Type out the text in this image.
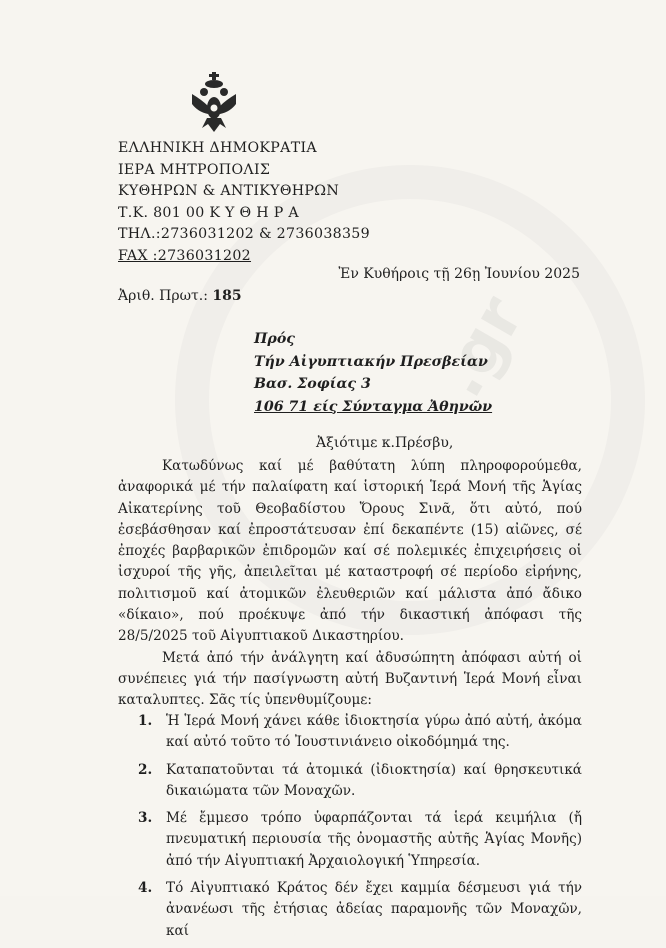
.gr
ΕΛΛΗΝΙΚΗ ΔΗΜΟΚΡΑΤΙΑ
ΙΕΡΑ ΜΗΤΡΟΠΟΛΙΣ
ΚΥΘΗΡΩΝ & ΑΝΤΙΚΥΘΗΡΩΝ
Τ.Κ. 801 00 Κ Υ Θ Η Ρ Α
ΤΗΛ.:2736031202 & 2736038359
FAX :2736031202
Ἐν Κυθήροις τῇ 26ῃ Ἰουνίου 2025
Ἀριθ. Πρωτ.: 185
Πρός
Τήν Αἰγυπτιακήν Πρεσβείαν
Βασ. Σοφίας 3
106 71 είς Σύνταγμα Ἀθηνῶν
Ἀξιότιμε κ.Πρέσβυ,

Κατωδύνως καί μέ βαθύτατη λύπη πληροφορούμεθα, ἀναφορικά μέ τήν παλαίφατη καί ἱστορική Ἱερά Μονή τῆς Ἁγίας Αἰκατερίνης τοῦ Θεοβαδίστου Ὄρους Σινᾶ, ὅτι αὐτό, πού ἐσεβάσθησαν καί ἐπροστάτευσαν ἐπί δεκαπέντε (15) αἰῶνες, σέ ἐποχές βαρβαρικῶν ἐπιδρομῶν καί σέ πολεμικές ἐπιχειρήσεις οἱ ἰσχυροί τῆς γῆς, ἀπειλεῖται μέ καταστροφή σέ περίοδο εἰρήνης, πολιτισμοῦ καί ἀτομικῶν ἐλευθεριῶν καί μάλιστα ἀπό ἄδικο «δίκαιο», πού προέκυψε ἀπό τήν δικαστική ἀπόφασι τῆς 28/5/2025 τοῦ Αἰγυπτιακοῦ Δικαστηρίου.

Μετά ἀπό τήν ἀνάλγητη καί ἀδυσώπητη ἀπόφασι αὐτή οἱ συνέπειες γιά τήν πασίγνωστη αὐτή Βυζαντινή Ἱερά Μονή εἶναι καταλυπτες. Σᾶς τίς ὑπενθυμίζουμε:

1.	Ἡ Ἱερά Μονή χάνει κάθε ἰδιοκτησία γύρω ἀπό αὐτή, ἀκόμα καί αὐτό τοῦτο τό Ἰουστινιάνειο οἰκοδόμημά της.
2.	Καταπατοῦνται τά ἀτομικά (ἰδιοκτησία) καί θρησκευτικά δικαιώματα τῶν Μοναχῶν.
3.	Μέ ἔμμεσο τρόπο ὑφαρπάζονται τά ἱερά κειμήλια (ἤ πνευματική περιουσία τῆς ὀνομαστῆς αὐτῆς Ἁγίας Μονῆς) ἀπό τήν Αἰγυπτιακή Ἀρχαιολογική Ὑπηρεσία.
4.	Τό Αἰγυπτιακό Κράτος δέν ἔχει καμμία δέσμευσι γιά τήν ἀνανέωσι τῆς ἐτήσιας ἀδείας παραμονῆς τῶν Μοναχῶν, καί
